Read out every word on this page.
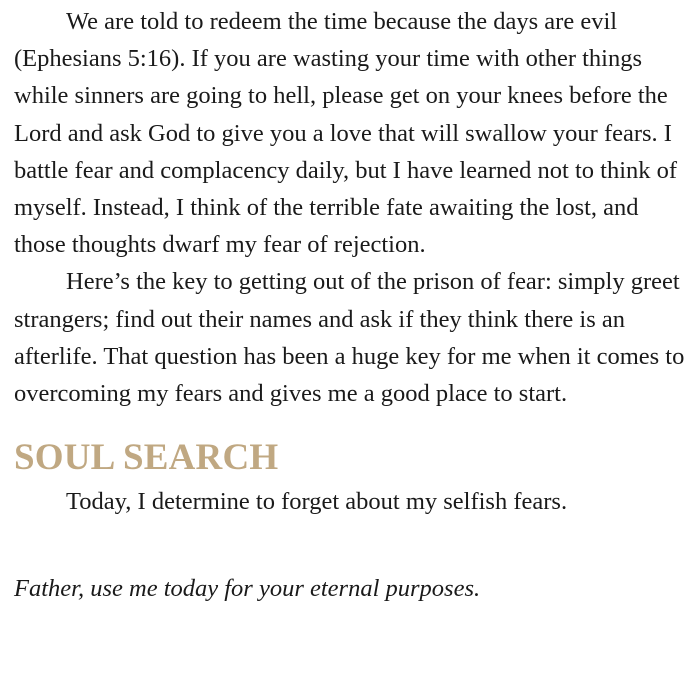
We are told to redeem the time because the days are evil (Ephesians 5:16). If you are wasting your time with other things while sinners are going to hell, please get on your knees before the Lord and ask God to give you a love that will swallow your fears. I battle fear and complacency daily, but I have learned not to think of myself. Instead, I think of the terrible fate awaiting the lost, and those thoughts dwarf my fear of rejection.

Here’s the key to getting out of the prison of fear: simply greet strangers; find out their names and ask if they think there is an afterlife. That question has been a huge key for me when it comes to overcoming my fears and gives me a good place to start.

SOUL SEARCH

Today, I determine to forget about my selfish fears.

Father, use me today for your eternal purposes.
